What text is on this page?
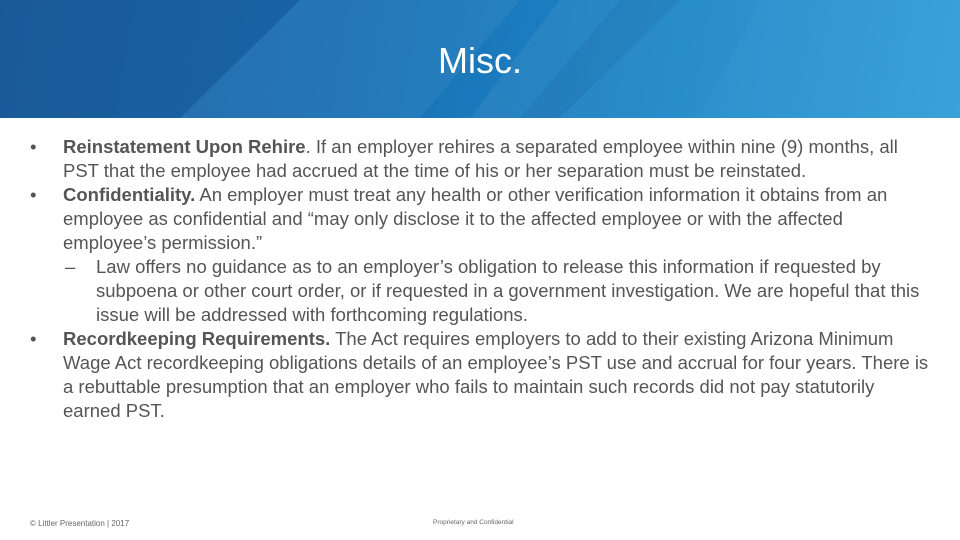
Misc.
•	Reinstatement Upon Rehire. If an employer rehires a separated employee within nine (9) months, all PST that the employee had accrued at the time of his or her separation must be reinstated.
•	Confidentiality. An employer must treat any health or other verification information it obtains from an employee as confidential and “may only disclose it to the affected employee or with the affected employee’s permission.”
– Law offers no guidance as to an employer’s obligation to release this information if requested by subpoena or other court order, or if requested in a government investigation. We are hopeful that this issue will be addressed with forthcoming regulations.
•	Recordkeeping Requirements. The Act requires employers to add to their existing Arizona Minimum Wage Act recordkeeping obligations details of an employee’s PST use and accrual for four years. There is a rebuttable presumption that an employer who fails to maintain such records did not pay statutorily earned PST.
© Littler Presentation | 2017	Proprietary and Confidential
